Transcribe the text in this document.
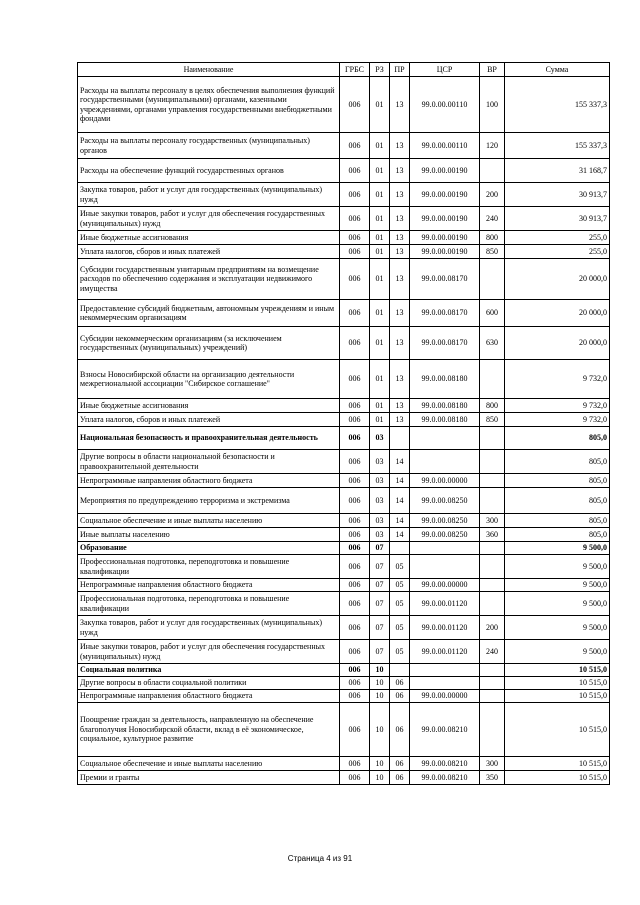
Наименование	ГРБС	РЗ	ПР	ЦСР	ВР	Сумма
Расходы на выплаты персоналу в целях обеспечения выполнения функций государственными (муниципальными) органами, казенными учреждениями, органами управления государственными внебюджетными фондами	006	01	13	99.0.00.00110	100	155 337,3
Расходы на выплаты персоналу государственных (муниципальных) органов	006	01	13	99.0.00.00110	120	155 337,3
Расходы на обеспечение функций государственных органов	006	01	13	99.0.00.00190		31 168,7
Закупка товаров, работ и услуг для государственных (муниципальных) нужд	006	01	13	99.0.00.00190	200	30 913,7
Иные закупки товаров, работ и услуг для обеспечения государственных (муниципальных) нужд	006	01	13	99.0.00.00190	240	30 913,7
Иные бюджетные ассигнования	006	01	13	99.0.00.00190	800	255,0
Уплата налогов, сборов и иных платежей	006	01	13	99.0.00.00190	850	255,0
Субсидии государственным унитарным предприятиям на возмещение расходов по обеспечению содержания и эксплуатации недвижимого имущества	006	01	13	99.0.00.08170		20 000,0
Предоставление субсидий бюджетным, автономным учреждениям и иным некоммерческим организациям	006	01	13	99.0.00.08170	600	20 000,0
Субсидии некоммерческим организациям (за исключением государственных (муниципальных) учреждений)	006	01	13	99.0.00.08170	630	20 000,0
Взносы Новосибирской области на организацию деятельности межрегиональной ассоциации "Сибирское соглашение"	006	01	13	99.0.00.08180		9 732,0
Иные бюджетные ассигнования	006	01	13	99.0.00.08180	800	9 732,0
Уплата налогов, сборов и иных платежей	006	01	13	99.0.00.08180	850	9 732,0
Национальная безопасность и правоохранительная деятельность	006	03				805,0
Другие вопросы в области национальной безопасности и правоохранительной деятельности	006	03	14			805,0
Непрограммные направления областного бюджета	006	03	14	99.0.00.00000		805,0
Мероприятия по предупреждению терроризма и экстремизма	006	03	14	99.0.00.08250		805,0
Социальное обеспечение и иные выплаты населению	006	03	14	99.0.00.08250	300	805,0
Иные выплаты населению	006	03	14	99.0.00.08250	360	805,0
Образование	006	07				9 500,0
Профессиональная подготовка, переподготовка и повышение квалификации	006	07	05			9 500,0
Непрограммные направления областного бюджета	006	07	05	99.0.00.00000		9 500,0
Профессиональная подготовка, переподготовка и повышение квалификации	006	07	05	99.0.00.01120		9 500,0
Закупка товаров, работ и услуг для государственных (муниципальных) нужд	006	07	05	99.0.00.01120	200	9 500,0
Иные закупки товаров, работ и услуг для обеспечения государственных (муниципальных) нужд	006	07	05	99.0.00.01120	240	9 500,0
Социальная политика	006	10				10 515,0
Другие вопросы в области социальной политики	006	10	06			10 515,0
Непрограммные направления областного бюджета	006	10	06	99.0.00.00000		10 515,0
Поощрение граждан за деятельность, направленную на обеспечение благополучия Новосибирской области, вклад в её экономическое, социальное, культурное развитие	006	10	06	99.0.00.08210		10 515,0
Социальное обеспечение и иные выплаты населению	006	10	06	99.0.00.08210	300	10 515,0
Премии и гранты	006	10	06	99.0.00.08210	350	10 515,0
Страница 4 из 91
